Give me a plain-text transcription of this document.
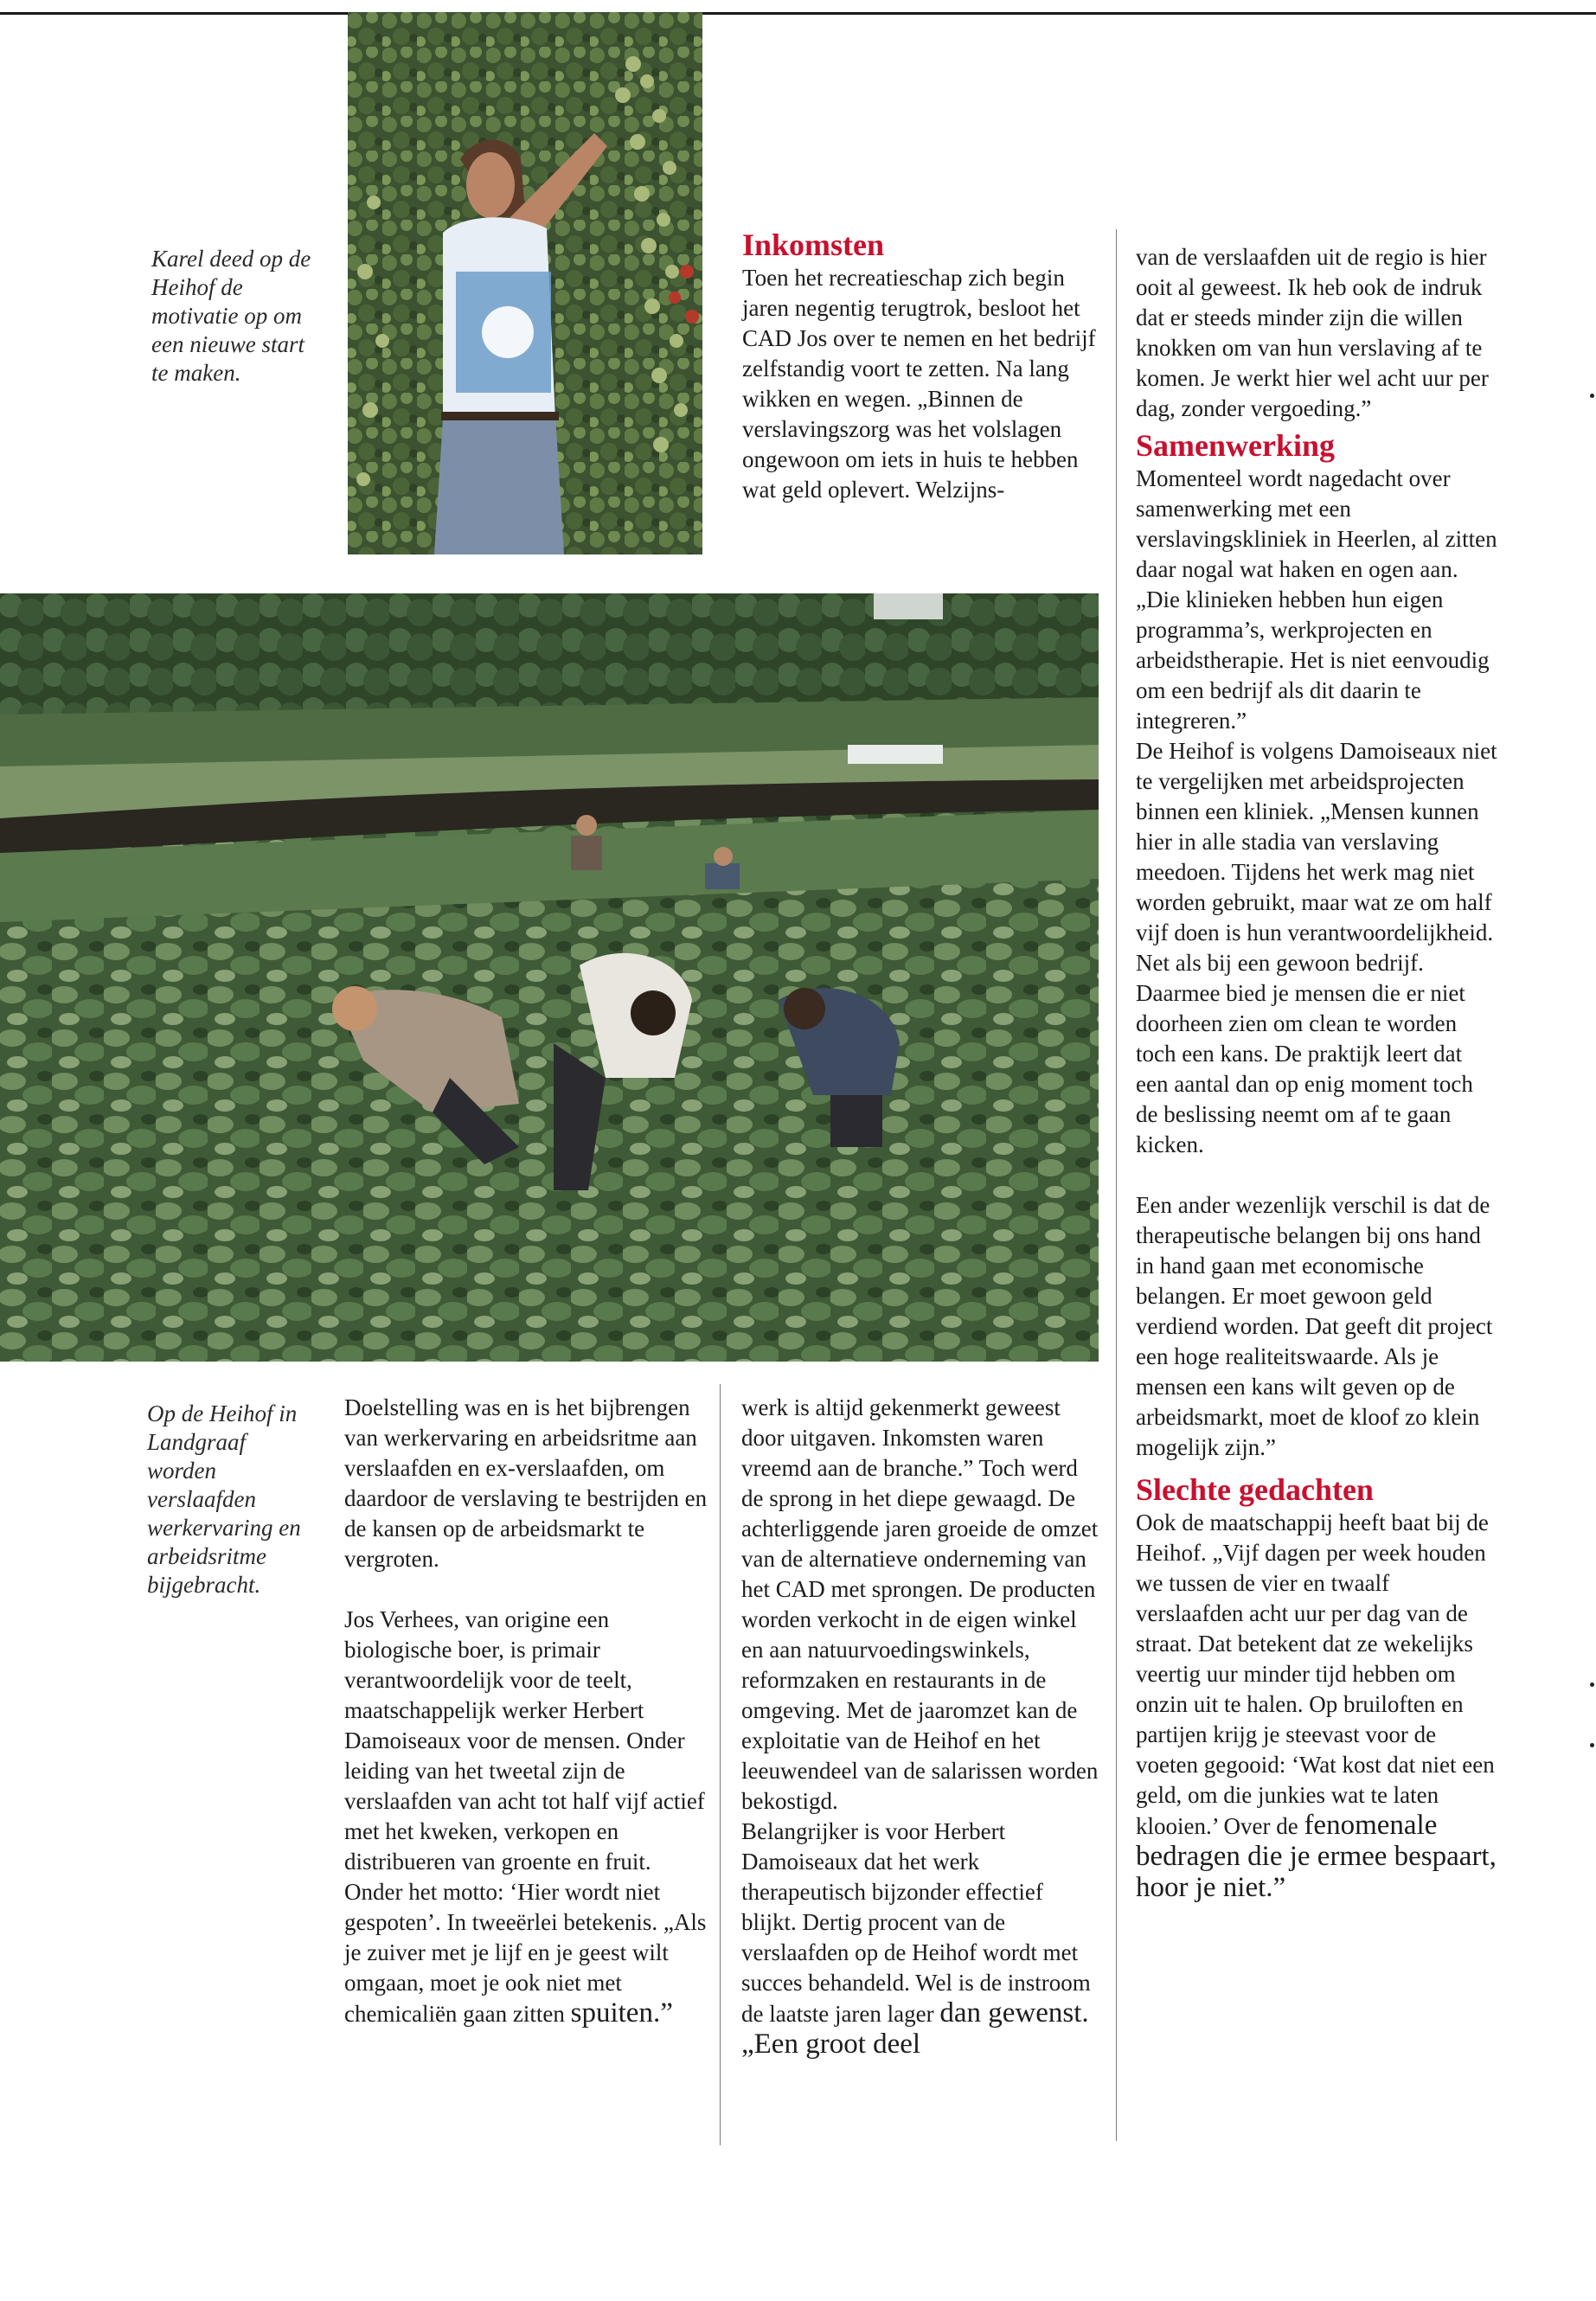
Karel deed op de Heihof de motivatie op om een nieuwe start te maken.
Inkomsten

Toen het recreatieschap zich begin jaren negentig terugtrok, besloot het CAD Jos over te nemen en het bedrijf zelfstandig voort te zetten. Na lang wikken en wegen. „Binnen de verslavingszorg was het volslagen ongewoon om iets in huis te hebben wat geld oplevert. Welzijns-

van de verslaafden uit de regio is hier ooit al geweest. Ik heb ook de indruk dat er steeds minder zijn die willen knokken om van hun verslaving af te komen. Je werkt hier wel acht uur per dag, zonder vergoeding.”

Samenwerking

Momenteel wordt nagedacht over samenwerking met een verslavingskliniek in Heerlen, al zitten daar nogal wat haken en ogen aan. „Die klinieken hebben hun eigen programma’s, werkprojecten en arbeidstherapie. Het is niet eenvoudig om een bedrijf als dit daarin te integreren.”

De Heihof is volgens Damoiseaux niet te vergelijken met arbeidsprojecten binnen een kliniek. „Mensen kunnen hier in alle stadia van verslaving meedoen. Tijdens het werk mag niet worden gebruikt, maar wat ze om half vijf doen is hun verantwoordelijkheid. Net als bij een gewoon bedrijf. Daarmee bied je mensen die er niet doorheen zien om clean te worden toch een kans. De praktijk leert dat een aantal dan op enig moment toch de beslissing neemt om af te gaan kicken.

Een ander wezenlijk verschil is dat de therapeutische belangen bij ons hand in hand gaan met economische belangen. Er moet gewoon geld verdiend worden. Dat geeft dit project een hoge realiteitswaarde. Als je mensen een kans wilt geven op de arbeidsmarkt, moet de kloof zo klein mogelijk zijn.”

Slechte gedachten

Ook de maatschappij heeft baat bij de Heihof. „Vijf dagen per week houden we tussen de vier en twaalf verslaafden acht uur per dag van de straat. Dat betekent dat ze wekelijks veertig uur minder tijd hebben om onzin uit te halen. Op bruiloften en partijen krijg je steevast voor de voeten gegooid: ‘Wat kost dat niet een geld, om die junkies wat te laten klooien.’ Over de fenomenale bedragen die je ermee bespaart, hoor je niet.”

Op de Heihof in Landgraaf worden verslaafden werkervaring en arbeidsritme bijgebracht.

Doelstelling was en is het bijbrengen van werkervaring en arbeidsritme aan verslaafden en ex-verslaafden, om daardoor de verslaving te bestrijden en de kansen op de arbeidsmarkt te vergroten.

Jos Verhees, van origine een biologische boer, is primair verantwoordelijk voor de teelt, maatschappelijk werker Herbert Damoiseaux voor de mensen. Onder leiding van het tweetal zijn de verslaafden van acht tot half vijf actief met het kweken, verkopen en distribueren van groente en fruit. Onder het motto: ‘Hier wordt niet gespoten’. In tweeërlei betekenis. „Als je zuiver met je lijf en je geest wilt omgaan, moet je ook niet met chemicaliën gaan zitten spuiten.”

werk is altijd gekenmerkt geweest door uitgaven. Inkomsten waren vreemd aan de branche.” Toch werd de sprong in het diepe gewaagd. De achterliggende jaren groeide de omzet van de alternatieve onderneming van het CAD met sprongen. De producten worden verkocht in de eigen winkel en aan natuurvoedingswinkels, reformzaken en restaurants in de omgeving. Met de jaaromzet kan de exploitatie van de Heihof en het leeuwendeel van de salarissen worden bekostigd.

Belangrijker is voor Herbert Damoiseaux dat het werk therapeutisch bijzonder effectief blijkt. Dertig procent van de verslaafden op de Heihof wordt met succes behandeld. Wel is de instroom de laatste jaren lager dan gewenst. „Een groot deel
